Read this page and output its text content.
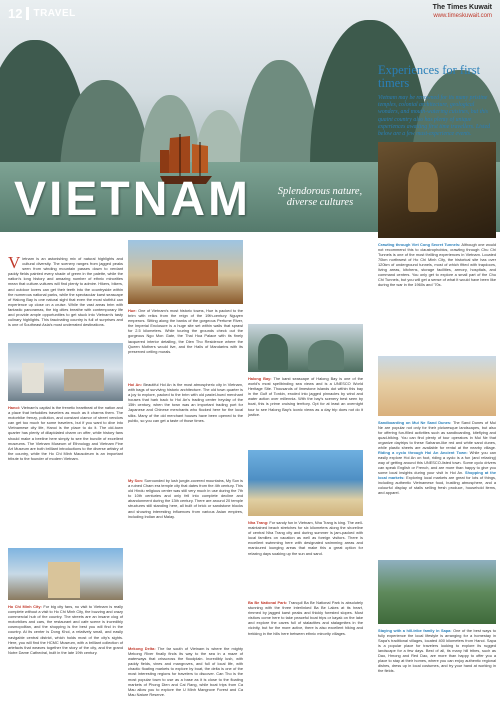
12 TRAVEL
VIETNAM	Splendorous nature, diverse cultures
The Times Kuwait
www.timeskuwait.com
Experiences for first timers
Vietnam may be renowned for its many pristine temples, colonial architecture, geological wonders, and mouth-watering cuisines, but this quaint country also has plenty of unique experiences awaiting first time travellers. Listed below are a few must-experience events.
Crawling through Viet Cong Secret Tunnels: Although one would not recommend this to claustrophobics, crawling through Chu Chi Tunnels is one of the most thrilling experiences in Vietnam. Located 70km northwest of Ho Chi Minh City, the historical site has over 120km of underground tunnels, most of which fitted with trapdoors, living areas, kitchens, storage facilities, armory, hospitals, and command centers. You only get to explore a small part of the Chu Chi Tunnels, but you will get a sense of what it would have been like during the war in the 1960s and '70s.
Sandboarding on Mui Ne Sand Dunes: The Sand Dunes of Mui Ne are popular not only for their picturesque landscapes, but also for offering fun-filled activities such as sandboarding, kiteflying and quad-biking. You can find plenty of tour operators in Mui Ne that organize daytrips to these Saharan-like red and white sand dunes, while plastic sheets are available for rental at the nearby village. Riding a cyclo through Hoi An Ancient Town: While you can easily explore Hoi An on foot, riding a cyclo is a fun (and relaxing) way of getting around this UNESCO-listed town. Some cyclo drivers can speak English or French, and are more than happy to give you some local insights during your visit in Hoi An. Shopping at the local markets: Exploring local markets are great for lots of things, including authentic Vietnamese food, bustling atmosphere, and a colourful display of stalls selling fresh produce, household items, and apparel.
Staying with a hill-tribe family in Sapa: One of the best ways to fully experience the local lifestyle is arranging for a homestay in Sapa's traditional villages, located 400 kilometers from Hanoi. Sapa is a popular place for travelers looking to explore its rugged landscape for a few days. Best of all, its many hill tribes, such as Dao, Hmong and Red Dao, are more than happy to offer you a place to stay at their homes, where you can enjoy authentic regional dishes, dress up in local costumes, and try your hand at working in the fields.
V ietnam is an astonishing mix of natural highlights and cultural diversity. The scenery ranges from jagged peaks seen from winding mountain passes down to verdant paddy fields painted every shade of green in the palette, while the nation's long history and amazing number of ethnic minorities mean that culture-vultures will find plenty to admire. Hikers, bikers, and outdoor lovers can get their teeth into the countryside within the numerous national parks, while the spectacular karst seascape of Halong Bay is one natural sight that even the most slothful can experience up close on a cruise. While the vast areas brim with fantastic panoramas, the big cities breathe with contemporary life and provide ample opportunities to get stuck into Vietnam's tasty culinary highlights. This fascinating country is full of surprises and is one of Southeast Asia's most underrated destinations.
Hanoi: Vietnam's capital is the frenetic heartbeat of the nation and a place that befuddles travelers as much as it charms them. The motorbike frenzy, pollution, and constant clamor of street vendors can get too much for some travelers, but if you want to dive into Vietnamese city life, Hanoi is the place to do it. The old-town quarter has plenty of dilapidated charm on offer, while history fans should make a beeline here simply to see the bundle of excellent museums. The Vietnam Museum of Ethnology and Vietnam Fine Art Museum are both brilliant introductions to the diverse artistry of the country, while the Ho Chi Minh Mausoleum is an important tribute to the founder of modern Vietnam.
Ho Chi Minh City: For big city fans, no visit to Vietnam is really complete without a visit to Ho Chi Minh City, the buzzing and crazy commercial hub of the country. The streets are an insane clog of motorbikes and cars, the restaurant and cafe scene is incredibly cosmopolitan, and the shopping is the best you will find in the country. At its center is Dong Khoi, a relatively small, and easily navigable central district, which holds most of the city's sights. Here, you will find the HCMC Museum, with a brilliant collection of artefacts that weaves together the story of the city, and the grand Notre Dame Cathedral, built in the late 19th century.
Hue: One of Vietnam's most historic towns, Hue is packed to the brim with relics from the reign of the 19th-century Nguyen emperors. Sitting along the banks of the gorgeous Perfume River, the Imperial Enclosure is a huge site set within walls that sprawl for 2.5 kilometers. While touring the grounds check out the gorgeous Ngo Mon Gate, the Thai Hoa Palace with its finely lacquered interior detailing, the Dien Tho Residence where the Queen Mothers would live, and the Halls of Mandarins with its preserved ceiling murals.
Hoi An: Beautiful Hoi An is the most atmospheric city in Vietnam, with bags of surviving historic architecture. The old town quarter is a joy to explore, packed to the brim with old pastel-hued merchant houses that hark back to Hoi An's trading center heyday of the 15th century, when the town was an important trading port for Japanese and Chinese merchants who flocked here for the local silks. Many of the old merchant houses have been opened to the public, so you can get a taste of those times.
My Son: Surrounded by lush jungle-covered mountains, My Son is a ruined Cham era temple city that dates from the 4th century. This old Hindu religious center was still very much in use during the 7th to 10th centuries and only fell into complete decline and abandonment during the 13th century. There are around 20 temple structures still standing here, all built of brick or sandstone blocks and showing interesting influences from various Asian empires, including Indian and Malay.
Mekong Delta: The far south of Vietnam is where the mighty Mekong River finally finds its way to the sea in a maze of waterways that crisscross the floodplain. Incredibly lush, with paddy fields, vines and mangroves, and full of local life, with chaotic floating markets to explore by boat, the delta is one of the most interesting regions for travelers to discover. Can Tho is the most popular town to use as a base as it is close to the floating markets of Phong Dien and Cai Rang, while boat trips from Ca Mau allow you to explore the U Minh Mangrove Forest and Ca Mau Nature Reserve.
Halong Bay: The karst seascape of Halong Bay is one of the world's most spellbinding sea views and is a UNESCO World Heritage Site. Thousands of limestone islands dot within this bay in the Gulf of Tonkin, eroded into jagged pinnacles by wind and water action over millennia. With the bay's scenery best seen by boat, this is prime cruising territory. Opt for at least an overnight tour to see Halong Bay's iconic views as a day trip does not do it justice.
Nha Trang: For sandy fun in Vietnam, Nha Trang is king. The well-maintained beach stretches for six kilometers along the shoreline of central Nha Trang city and during summer is jam-packed with local families on vacation as well as foreign visitors. There is excellent swimming here with designated swimming areas and manicured lounging areas that make this a great option for relaxing days soaking up the sun and sand.
Ba Be National Park: Tranquil Ba Be National Park is absolutely stunning with the three interlinked Ba Be Lakes at its heart, rimmed by jagged karst peaks and thickly forested slopes. Most visitors come here to take peaceful boat trips or kayak on the lake and explore the caves full of stalactites and stalagmites in the vicinity, but for the more active, there is also excellent hiking and trekking in the hills here between ethnic minority villages.
